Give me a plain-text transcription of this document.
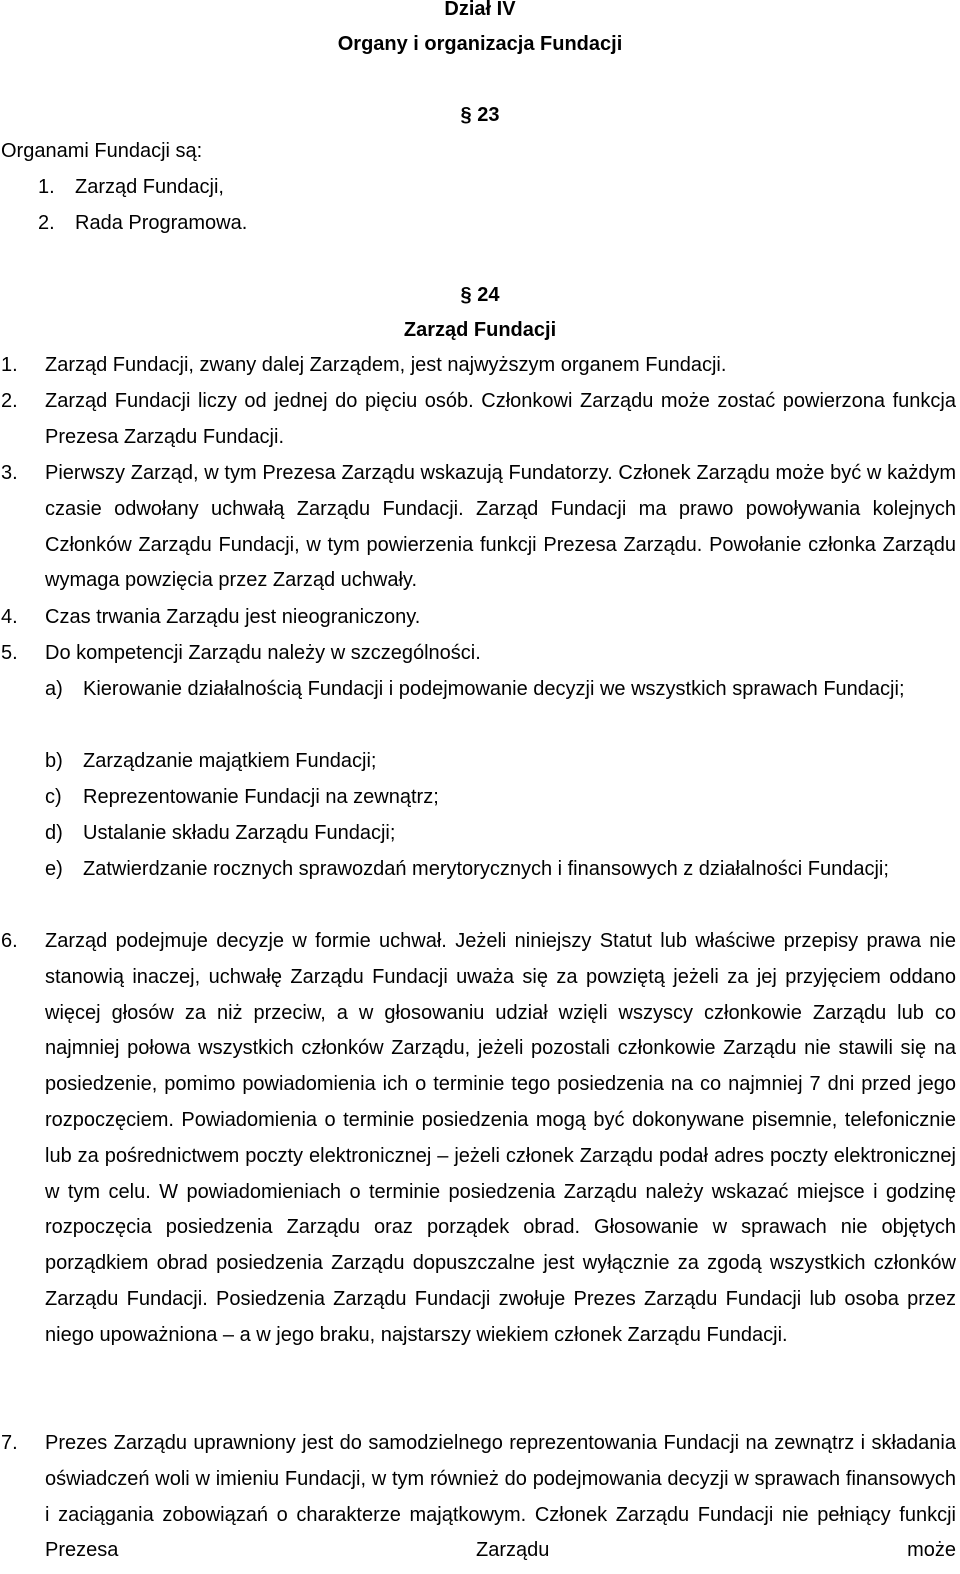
Dział IV
Organy i organizacja Fundacji
§ 23
Organami Fundacji są:
1. Zarząd Fundacji,
2. Rada Programowa.
§ 24
Zarząd Fundacji
1. Zarząd Fundacji, zwany dalej Zarządem, jest najwyższym organem Fundacji.
2. Zarząd Fundacji liczy od jednej do pięciu osób. Członkowi Zarządu może zostać powierzona funkcja Prezesa Zarządu Fundacji.
3. Pierwszy Zarząd, w tym Prezesa Zarządu wskazują Fundatorzy. Członek Zarządu może być w każdym czasie odwołany uchwałą Zarządu Fundacji. Zarząd Fundacji ma prawo powoływania kolejnych Członków Zarządu Fundacji, w tym powierzenia funkcji Prezesa Zarządu. Powołanie członka Zarządu wymaga powzięcia przez Zarząd uchwały.
4. Czas trwania Zarządu jest nieograniczony.
5. Do kompetencji Zarządu należy w szczególności.
a) Kierowanie działalnością Fundacji i podejmowanie decyzji we wszystkich sprawach Fundacji;
b) Zarządzanie majątkiem Fundacji;
c) Reprezentowanie Fundacji na zewnątrz;
d) Ustalanie składu Zarządu Fundacji;
e) Zatwierdzanie rocznych sprawozdań merytorycznych i finansowych z działalności Fundacji;
6. Zarząd podejmuje decyzje w formie uchwał. Jeżeli niniejszy Statut lub właściwe przepisy prawa nie stanowią inaczej, uchwałę Zarządu Fundacji uważa się za powziętą jeżeli za jej przyjęciem oddano więcej głosów za niż przeciw, a w głosowaniu udział wzięli wszyscy członkowie Zarządu lub co najmniej połowa wszystkich członków Zarządu, jeżeli pozostali członkowie Zarządu nie stawili się na posiedzenie, pomimo powiadomienia ich o terminie tego posiedzenia na co najmniej 7 dni przed jego rozpoczęciem. Powiadomienia o terminie posiedzenia mogą być dokonywane pisemnie, telefonicznie lub za pośrednictwem poczty elektronicznej – jeżeli członek Zarządu podał adres poczty elektronicznej w tym celu. W powiadomieniach o terminie posiedzenia Zarządu należy wskazać miejsce i godzinę rozpoczęcia posiedzenia Zarządu oraz porządek obrad. Głosowanie w sprawach nie objętych porządkiem obrad posiedzenia Zarządu dopuszczalne jest wyłącznie za zgodą wszystkich członków Zarządu Fundacji. Posiedzenia Zarządu Fundacji zwołuje Prezes Zarządu Fundacji lub osoba przez niego upoważniona – a w jego braku, najstarszy wiekiem członek Zarządu Fundacji.
7. Prezes Zarządu uprawniony jest do samodzielnego reprezentowania Fundacji na zewnątrz i składania oświadczeń woli w imieniu Fundacji, w tym również do podejmowania decyzji w sprawach finansowych i zaciągania zobowiązań o charakterze majątkowym. Członek Zarządu Fundacji nie pełniący funkcji Prezesa Zarządu może
